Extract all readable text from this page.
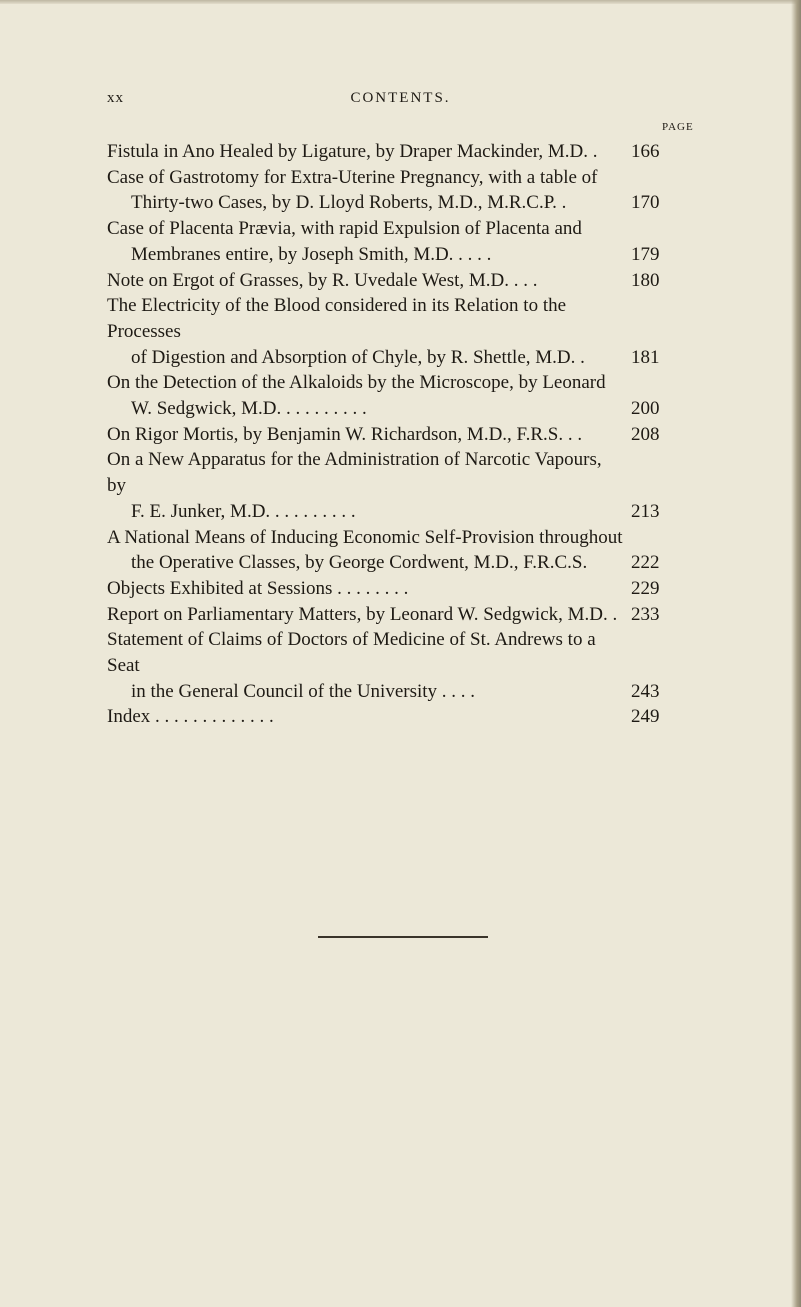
xx	CONTENTS.
PAGE
Fistula in Ano Healed by Ligature, by Draper Mackinder, M.D. .	166
Case of Gastrotomy for Extra-Uterine Pregnancy, with a table of
Thirty-two Cases, by D. Lloyd Roberts, M.D., M.R.C.P. .	170
Case of Placenta Prævia, with rapid Expulsion of Placenta and
Membranes entire, by Joseph Smith, M.D. . . . .	179
Note on Ergot of Grasses, by R. Uvedale West, M.D. . . .	180
The Electricity of the Blood considered in its Relation to the Processes
of Digestion and Absorption of Chyle, by R. Shettle, M.D. .	181
On the Detection of the Alkaloids by the Microscope, by Leonard
W. Sedgwick, M.D. . . . . . . . . .	200
On Rigor Mortis, by Benjamin W. Richardson, M.D., F.R.S. . .	208
On a New Apparatus for the Administration of Narcotic Vapours, by
F. E. Junker, M.D. . . . . . . . . .	213
A National Means of Inducing Economic Self-Provision throughout
the Operative Classes, by George Cordwent, M.D., F.R.C.S.	222
Objects Exhibited at Sessions . . . . . . . .	229
Report on Parliamentary Matters, by Leonard W. Sedgwick, M.D. . 233
Statement of Claims of Doctors of Medicine of St. Andrews to a Seat
in the General Council of the University . . . .	243
Index . . . . . . . . . . . . .	249
